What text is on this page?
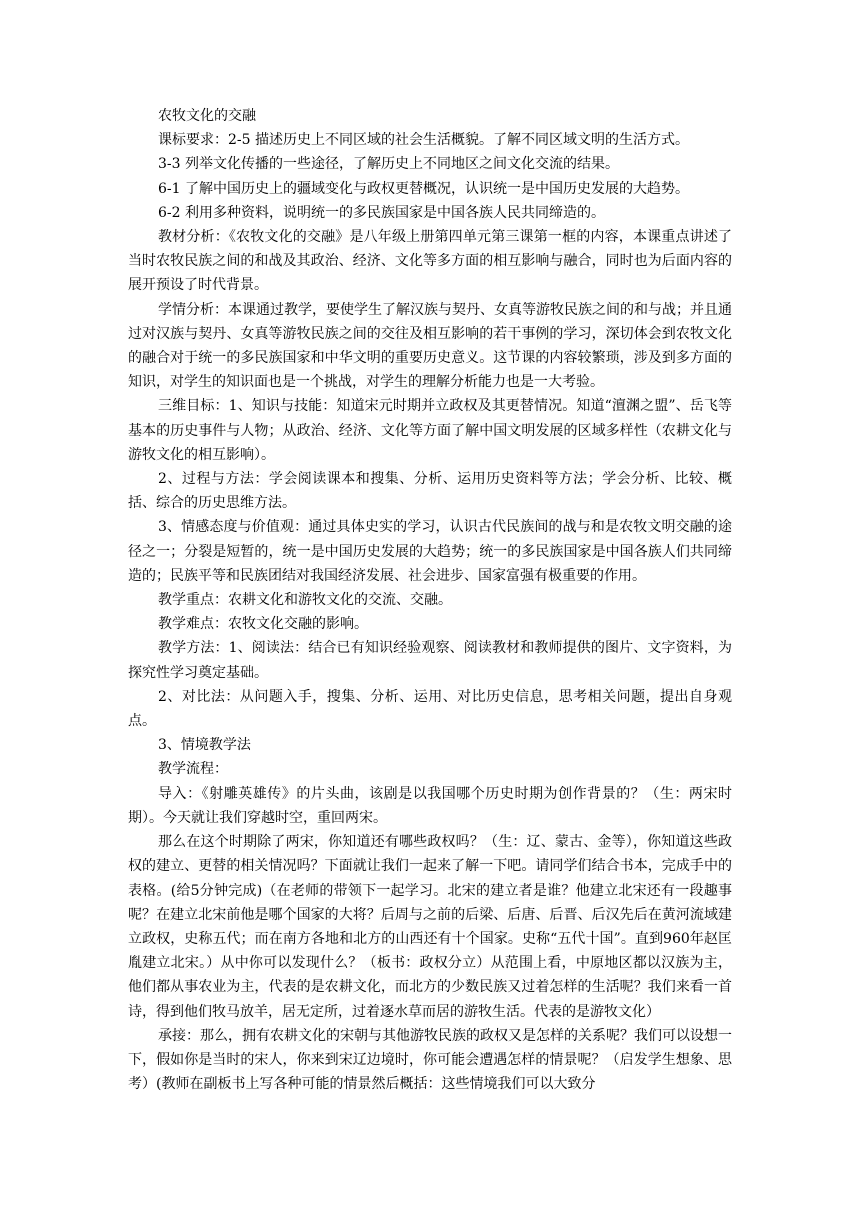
农牧文化的交融

课标要求：2-5 描述历史上不同区域的社会生活概貌。了解不同区域文明的生活方式。

3-3 列举文化传播的一些途径，了解历史上不同地区之间文化交流的结果。

6-1 了解中国历史上的疆域变化与政权更替概况，认识统一是中国历史发展的大趋势。

6-2 利用多种资料，说明统一的多民族国家是中国各族人民共同缔造的。

教材分析：《农牧文化的交融》是八年级上册第四单元第三课第一框的内容，本课重点讲述了当时农牧民族之间的和战及其政治、经济、文化等多方面的相互影响与融合，同时也为后面内容的展开预设了时代背景。

学情分析：本课通过教学，要使学生了解汉族与契丹、女真等游牧民族之间的和与战；并且通过对汉族与契丹、女真等游牧民族之间的交往及相互影响的若干事例的学习，深切体会到农牧文化的融合对于统一的多民族国家和中华文明的重要历史意义。这节课的内容较繁琐，涉及到多方面的知识，对学生的知识面也是一个挑战，对学生的理解分析能力也是一大考验。

三维目标：1、知识与技能：知道宋元时期并立政权及其更替情况。知道“澶渊之盟”、岳飞等基本的历史事件与人物；从政治、经济、文化等方面了解中国文明发展的区域多样性（农耕文化与游牧文化的相互影响）。

2、过程与方法：学会阅读课本和搜集、分析、运用历史资料等方法；学会分析、比较、概括、综合的历史思维方法。

3、情感态度与价值观：通过具体史实的学习，认识古代民族间的战与和是农牧文明交融的途径之一；分裂是短暂的，统一是中国历史发展的大趋势；统一的多民族国家是中国各族人们共同缔造的；民族平等和民族团结对我国经济发展、社会进步、国家富强有极重要的作用。

教学重点：农耕文化和游牧文化的交流、交融。

教学难点：农牧文化交融的影响。

教学方法：1、阅读法：结合已有知识经验观察、阅读教材和教师提供的图片、文字资料，为探究性学习奠定基础。

2、对比法：从问题入手，搜集、分析、运用、对比历史信息，思考相关问题，提出自身观点。

3、情境教学法

教学流程：

导入：《射雕英雄传》的片头曲，该剧是以我国哪个历史时期为创作背景的？（生：两宋时期）。今天就让我们穿越时空，重回两宋。

那么在这个时期除了两宋，你知道还有哪些政权吗？（生：辽、蒙古、金等），你知道这些政权的建立、更替的相关情况吗？下面就让我们一起来了解一下吧。请同学们结合书本，完成手中的表格。(给5分钟完成)（在老师的带领下一起学习。北宋的建立者是谁？他建立北宋还有一段趣事呢？在建立北宋前他是哪个国家的大将？后周与之前的后梁、后唐、后晋、后汉先后在黄河流域建立政权，史称五代；而在南方各地和北方的山西还有十个国家。史称“五代十国”。直到960年赵匡胤建立北宋。）从中你可以发现什么？（板书：政权分立）从范围上看，中原地区都以汉族为主，他们都从事农业为主，代表的是农耕文化，而北方的少数民族又过着怎样的生活呢？我们来看一首诗，得到他们牧马放羊，居无定所，过着逐水草而居的游牧生活。代表的是游牧文化）

承接：那么，拥有农耕文化的宋朝与其他游牧民族的政权又是怎样的关系呢？我们可以设想一下，假如你是当时的宋人，你来到宋辽边境时，你可能会遭遇怎样的情景呢？（启发学生想象、思考）(教师在副板书上写各种可能的情景然后概括：这些情境我们可以大致分
